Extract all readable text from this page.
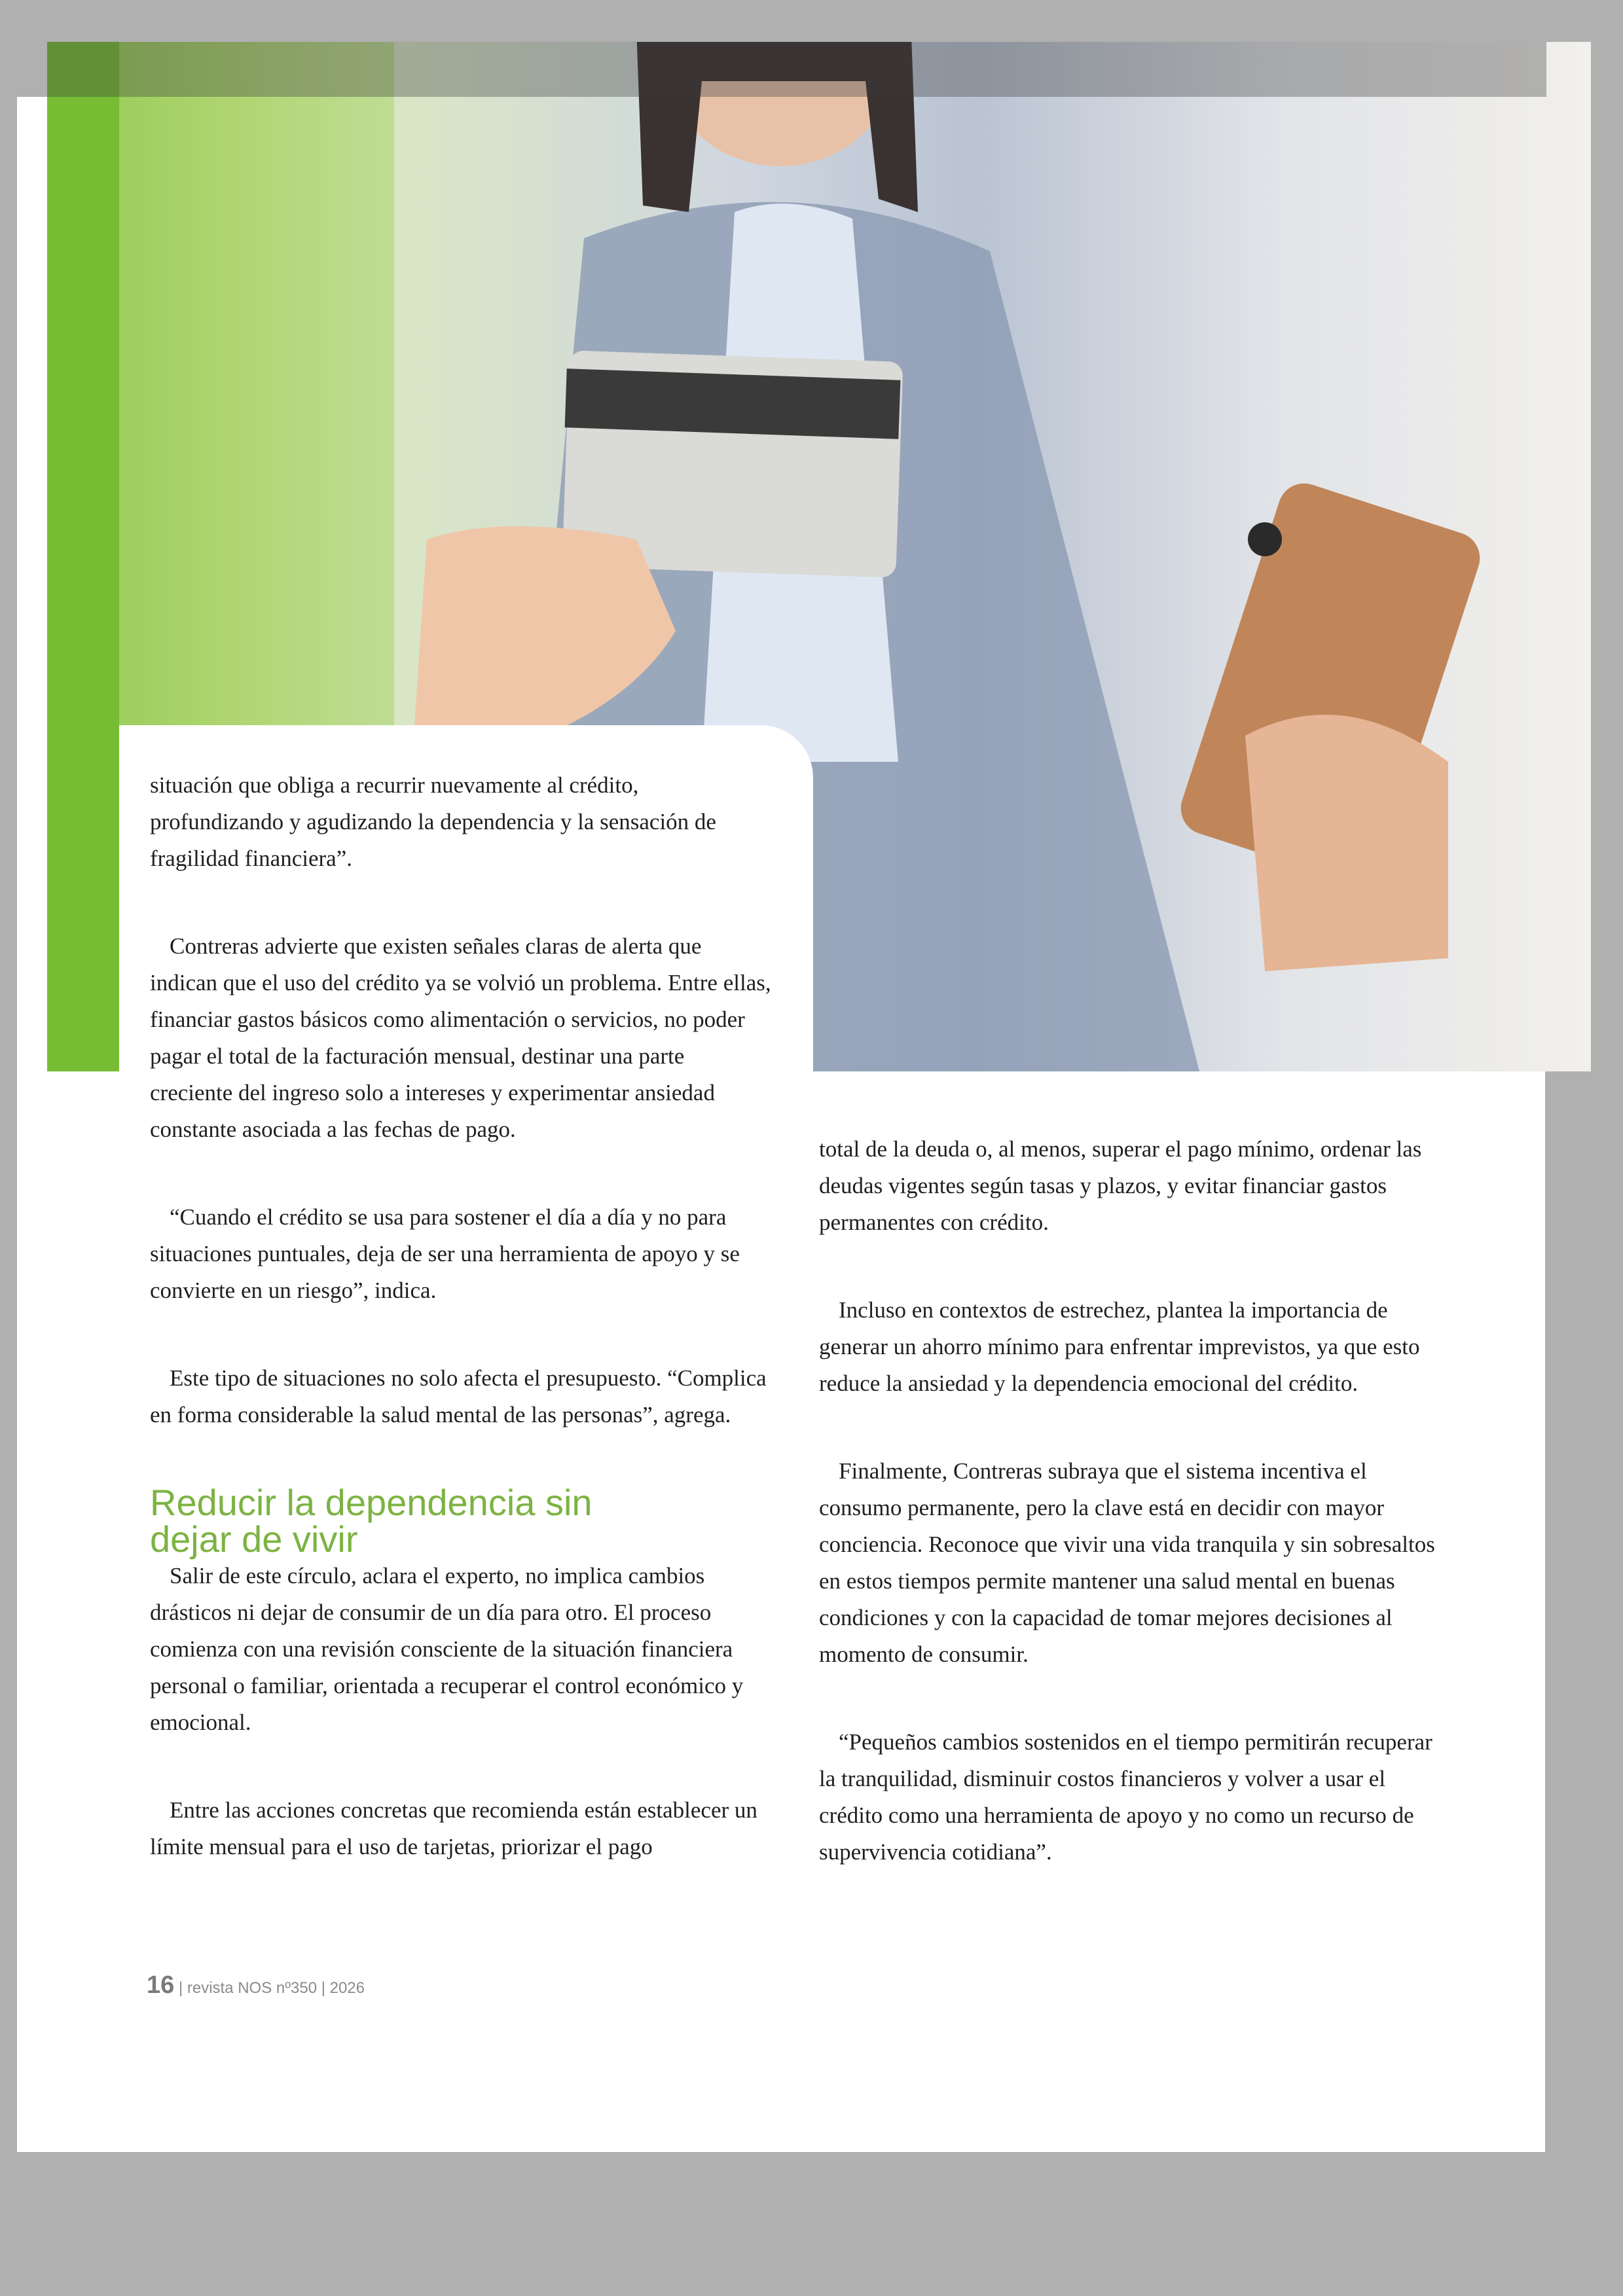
situación que obliga a recurrir nuevamente al crédito, profundizando y agudizando la dependencia y la sensación de fragilidad financiera”.

Contreras advierte que existen señales claras de alerta que indican que el uso del crédito ya se volvió un problema. Entre ellas, financiar gastos básicos como alimentación o servicios, no poder pagar el total de la facturación mensual, destinar una parte creciente del ingreso solo a intereses y experimentar ansiedad constante asociada a las fechas de pago.

“Cuando el crédito se usa para sostener el día a día y no para situaciones puntuales, deja de ser una herramienta de apoyo y se convierte en un riesgo”, indica.

Este tipo de situaciones no solo afecta el presupuesto. “Complica en forma considerable la salud mental de las personas”, agrega.

Reducir la dependencia sin dejar de vivir

Salir de este círculo, aclara el experto, no implica cambios drásticos ni dejar de consumir de un día para otro. El proceso comienza con una revisión consciente de la situación financiera personal o familiar, orientada a recuperar el control económico y emocional.

Entre las acciones concretas que recomienda están establecer un límite mensual para el uso de tarjetas, priorizar el pago

total de la deuda o, al menos, superar el pago mínimo, ordenar las deudas vigentes según tasas y plazos, y evitar financiar gastos permanentes con crédito.

Incluso en contextos de estrechez, plantea la importancia de generar un ahorro mínimo para enfrentar imprevistos, ya que esto reduce la ansiedad y la dependencia emocional del crédito.

Finalmente, Contreras subraya que el sistema incentiva el consumo permanente, pero la clave está en decidir con mayor conciencia. Reconoce que vivir una vida tranquila y sin sobresaltos en estos tiempos permite mantener una salud mental en buenas condiciones y con la capacidad de tomar mejores decisiones al momento de consumir.

“Pequeños cambios sostenidos en el tiempo permitirán recuperar la tranquilidad, disminuir costos financieros y volver a usar el crédito como una herramienta de apoyo y no como un recurso de supervivencia cotidiana”.

16 | revista NOS nº350 | 2026
